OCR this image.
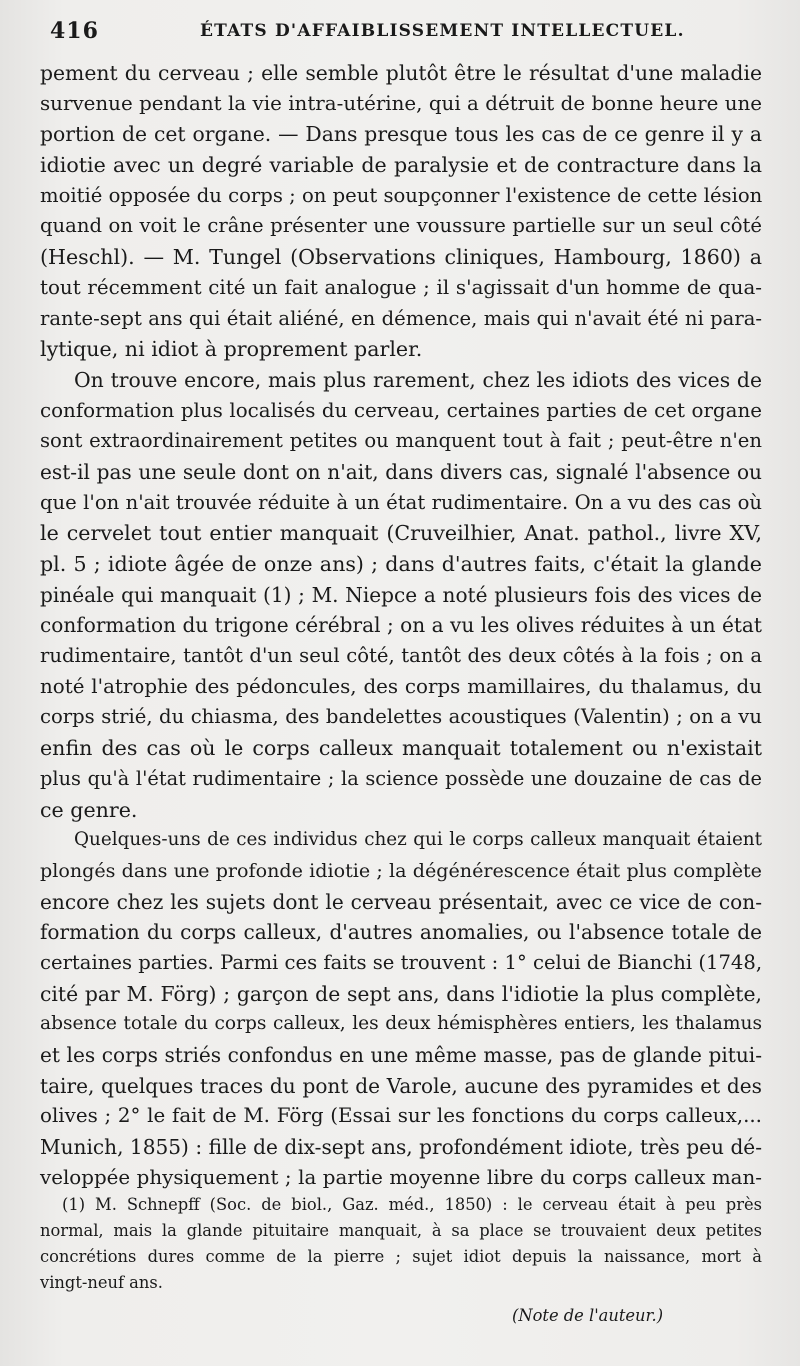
416	ÉTATS D'AFFAIBLISSEMENT INTELLECTUEL.
pement du cerveau ; elle semble plutôt être le résultat d'une maladie
survenue pendant la vie intra-utérine, qui a détruit de bonne heure une
portion de cet organe. — Dans presque tous les cas de ce genre il y a
idiotie avec un degré variable de paralysie et de contracture dans la
moitié opposée du corps ; on peut soupçonner l'existence de cette lésion
quand on voit le crâne présenter une voussure partielle sur un seul côté
(Heschl). — M. Tungel (Observations cliniques, Hambourg, 1860) a
tout récemment cité un fait analogue ; il s'agissait d'un homme de qua-
rante-sept ans qui était aliéné, en démence, mais qui n'avait été ni para-
lytique, ni idiot à proprement parler.
On trouve encore, mais plus rarement, chez les idiots des vices de
conformation plus localisés du cerveau, certaines parties de cet organe
sont extraordinairement petites ou manquent tout à fait ; peut-être n'en
est-il pas une seule dont on n'ait, dans divers cas, signalé l'absence ou
que l'on n'ait trouvée réduite à un état rudimentaire. On a vu des cas où
le cervelet tout entier manquait (Cruveilhier, Anat. pathol., livre XV,
pl. 5 ; idiote âgée de onze ans) ; dans d'autres faits, c'était la glande
pinéale qui manquait (1) ; M. Niepce a noté plusieurs fois des vices de
conformation du trigone cérébral ; on a vu les olives réduites à un état
rudimentaire, tantôt d'un seul côté, tantôt des deux côtés à la fois ; on a
noté l'atrophie des pédoncules, des corps mamillaires, du thalamus, du
corps strié, du chiasma, des bandelettes acoustiques (Valentin) ; on a vu
enfin des cas où le corps calleux manquait totalement ou n'existait
plus qu'à l'état rudimentaire ; la science possède une douzaine de cas de
ce genre.
Quelques-uns de ces individus chez qui le corps calleux manquait étaient
plongés dans une profonde idiotie ; la dégénérescence était plus complète
encore chez les sujets dont le cerveau présentait, avec ce vice de con-
formation du corps calleux, d'autres anomalies, ou l'absence totale de
certaines parties. Parmi ces faits se trouvent : 1° celui de Bianchi (1748,
cité par M. Förg) ; garçon de sept ans, dans l'idiotie la plus complète,
absence totale du corps calleux, les deux hémisphères entiers, les thalamus
et les corps striés confondus en une même masse, pas de glande pitui-
taire, quelques traces du pont de Varole, aucune des pyramides et des
olives ; 2° le fait de M. Förg (Essai sur les fonctions du corps calleux,...
Munich, 1855) : fille de dix-sept ans, profondément idiote, très peu dé-
veloppée physiquement ; la partie moyenne libre du corps calleux man-
(1) M. Schnepff (Soc. de biol., Gaz. méd., 1850) : le cerveau était à peu près
normal, mais la glande pituitaire manquait, à sa place se trouvaient deux petites
concrétions dures comme de la pierre ; sujet idiot depuis la naissance, mort à
vingt-neuf ans.
(Note de l'auteur.)
